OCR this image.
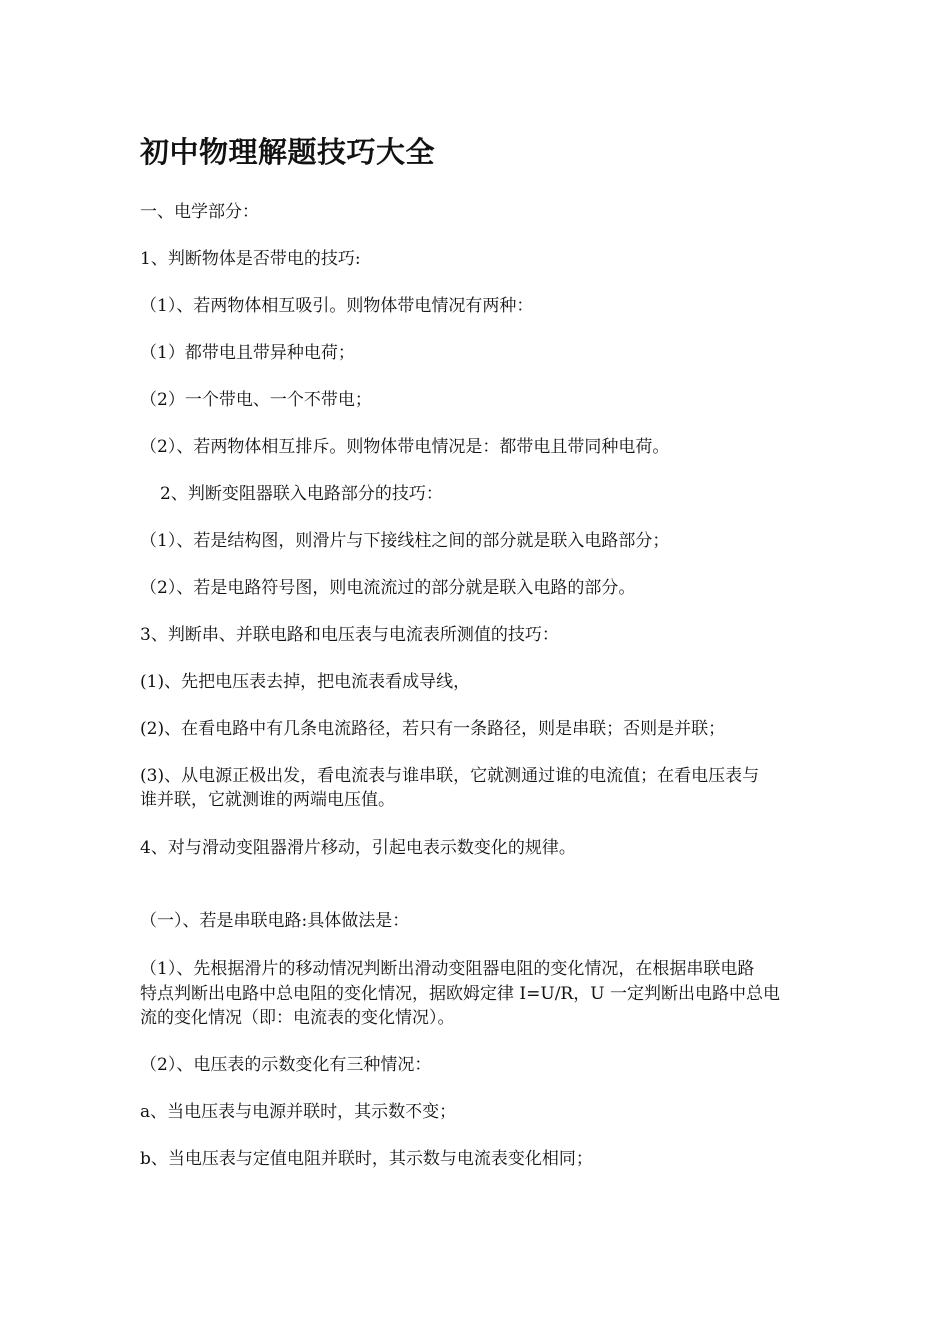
初中物理解题技巧大全

一、电学部分：

1、判断物体是否带电的技巧:

（1）、若两物体相互吸引。则物体带电情况有两种：

（1）都带电且带异种电荷；

（2）一个带电、一个不带电；

（2）、若两物体相互排斥。则物体带电情况是：都带电且带同种电荷。

2、判断变阻器联入电路部分的技巧：

（1）、若是结构图，则滑片与下接线柱之间的部分就是联入电路部分；

（2）、若是电路符号图，则电流流过的部分就是联入电路的部分。

3、判断串、并联电路和电压表与电流表所测值的技巧：

(1)、先把电压表去掉，把电流表看成导线，

(2)、在看电路中有几条电流路径，若只有一条路径，则是串联；否则是并联；

(3)、从电源正极出发，看电流表与谁串联，它就测通过谁的电流值；在看电压表与

谁并联，它就测谁的两端电压值。

4、对与滑动变阻器滑片移动，引起电表示数变化的规律。

（一）、若是串联电路:具体做法是：

（1）、先根据滑片的移动情况判断出滑动变阻器电阻的变化情况，在根据串联电路

特点判断出电路中总电阻的变化情况，据欧姆定律 I=U/R，U 一定判断出电路中总电

流的变化情况（即：电流表的变化情况）。

（2）、电压表的示数变化有三种情况：

a、当电压表与电源并联时，其示数不变；

b、当电压表与定值电阻并联时，其示数与电流表变化相同；
